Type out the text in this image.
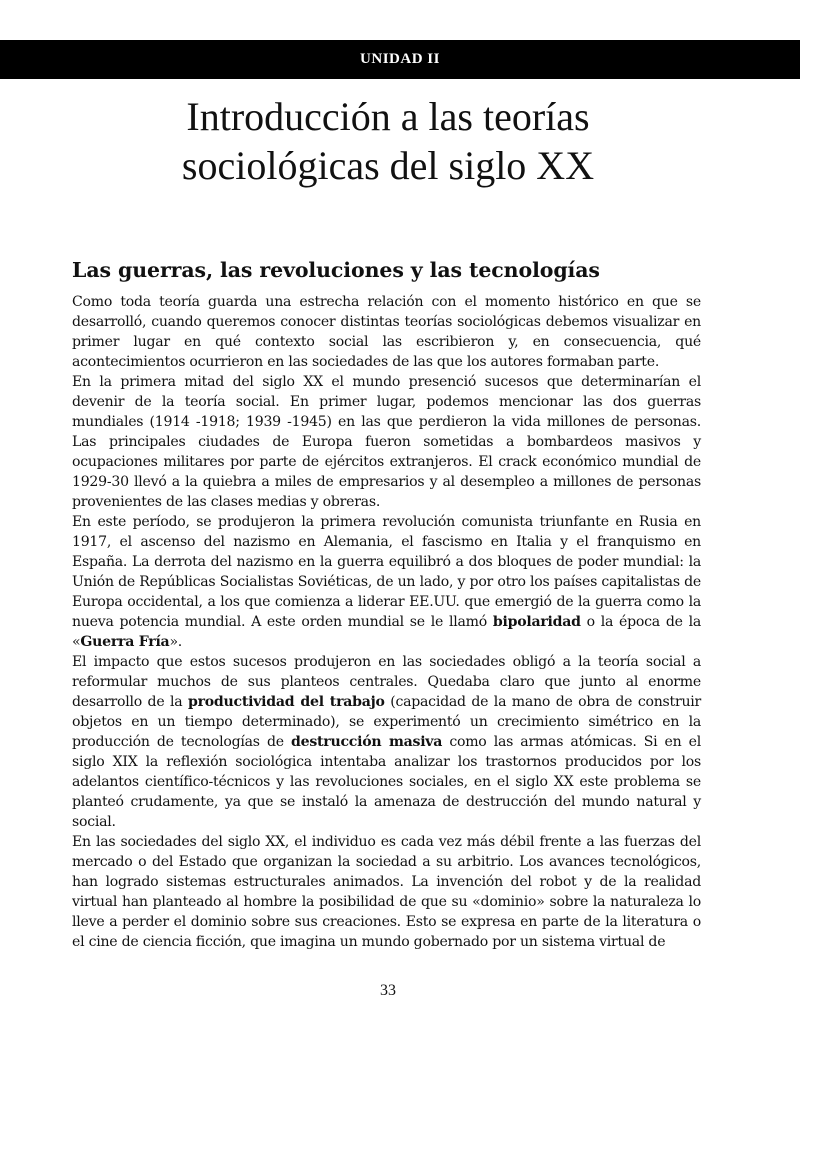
UNIDAD II
Introducción a las teorías
sociológicas del siglo XX
Las guerras, las revoluciones y las tecnologías

Como toda teoría guarda una estrecha relación con el momento histórico en que se desarrolló, cuando queremos conocer distintas teorías sociológicas debemos visualizar en primer lugar en qué contexto social las escribieron y, en consecuencia, qué acontecimientos ocurrieron en las sociedades de las que los autores formaban parte.

En la primera mitad del siglo XX el mundo presenció sucesos que determinarían el devenir de la teoría social. En primer lugar, podemos mencionar las dos guerras mundiales (1914 -1918; 1939 -1945) en las que perdieron la vida millones de personas. Las principales ciudades de Europa fueron sometidas a bombardeos masivos y ocupaciones militares por parte de ejércitos extranjeros. El crack económico mundial de 1929-30 llevó a la quiebra a miles de empresarios y al desempleo a millones de personas provenientes de las clases medias y obreras.

En este período, se produjeron la primera revolución comunista triunfante en Rusia en 1917, el ascenso del nazismo en Alemania, el fascismo en Italia y el franquismo en España. La derrota del nazismo en la guerra equilibró a dos bloques de poder mundial: la Unión de Repúblicas Socialistas Soviéticas, de un lado, y por otro los países capitalistas de Europa occidental, a los que comienza a liderar EE.UU. que emergió de la guerra como la nueva potencia mundial. A este orden mundial se le llamó bipolaridad o la época de la «Guerra Fría».

El impacto que estos sucesos produjeron en las sociedades obligó a la teoría social a reformular muchos de sus planteos centrales. Quedaba claro que junto al enorme desarrollo de la productividad del trabajo (capacidad de la mano de obra de construir objetos en un tiempo determinado), se experimentó un crecimiento simétrico en la producción de tecnologías de destrucción masiva como las armas atómicas. Si en el siglo XIX la reflexión sociológica intentaba analizar los trastornos producidos por los adelantos científico-técnicos y las revoluciones sociales, en el siglo XX este problema se planteó crudamente, ya que se instaló la amenaza de destrucción del mundo natural y social.

En las sociedades del siglo XX, el individuo es cada vez más débil frente a las fuerzas del mercado o del Estado que organizan la sociedad a su arbitrio. Los avances tecnológicos, han logrado sistemas estructurales animados. La invención del robot y de la realidad virtual han planteado al hombre la posibilidad de que su «dominio» sobre la naturaleza lo lleve a perder el dominio sobre sus creaciones. Esto se expresa en parte de la literatura o el cine de ciencia ficción, que imagina un mundo gobernado por un sistema virtual de

33
